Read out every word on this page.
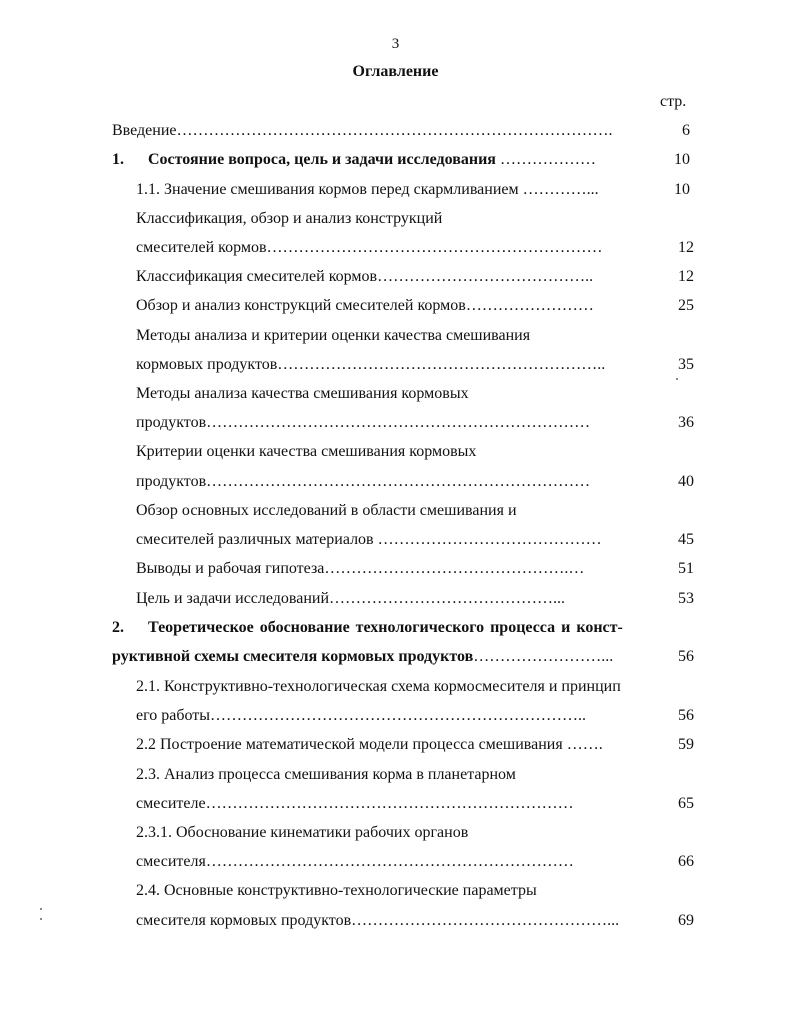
3
Оглавление
стр.
Введение……………………………………………………………………….	6
1. Состояние вопроса, цель и задачи исследования ………………	10
1.1. Значение смешивания кормов перед скармливанием …………...	10
Классификация, обзор и анализ конструкций
смесителей кормов………………………………………………………	12
Классификация смесителей кормов…………………………………..	12
Обзор и анализ конструкций смесителей кормов……………………	25
Методы анализа и критерии оценки качества смешивания
кормовых продуктов……………………………………………………..	35
Методы анализа качества смешивания кормовых
продуктов………………………………………………………………	36
Критерии оценки качества смешивания кормовых
продуктов………………………………………………………………	40
Обзор основных исследований в области смешивания и
смесителей различных материалов ……………………………………	45
Выводы и рабочая гипотеза……………………………………….…	51
Цель и задачи исследований……………………………………...	53
2. Теоретическое обоснование технологического процесса и конст-
руктивной схемы смесителя кормовых продуктов……………………...	56
2.1. Конструктивно-технологическая схема кормосмесителя и принцип
его работы……………………………………………………………..	56
2.2 Построение математической модели процесса смешивания …….	59
2.3. Анализ процесса смешивания корма в планетарном
смесителе……………………………………………………………	65
2.3.1. Обоснование кинематики рабочих органов
смесителя……………………………………………………………	66
2.4. Основные конструктивно-технологические параметры
смесителя кормовых продуктов…………………………………………...	69
